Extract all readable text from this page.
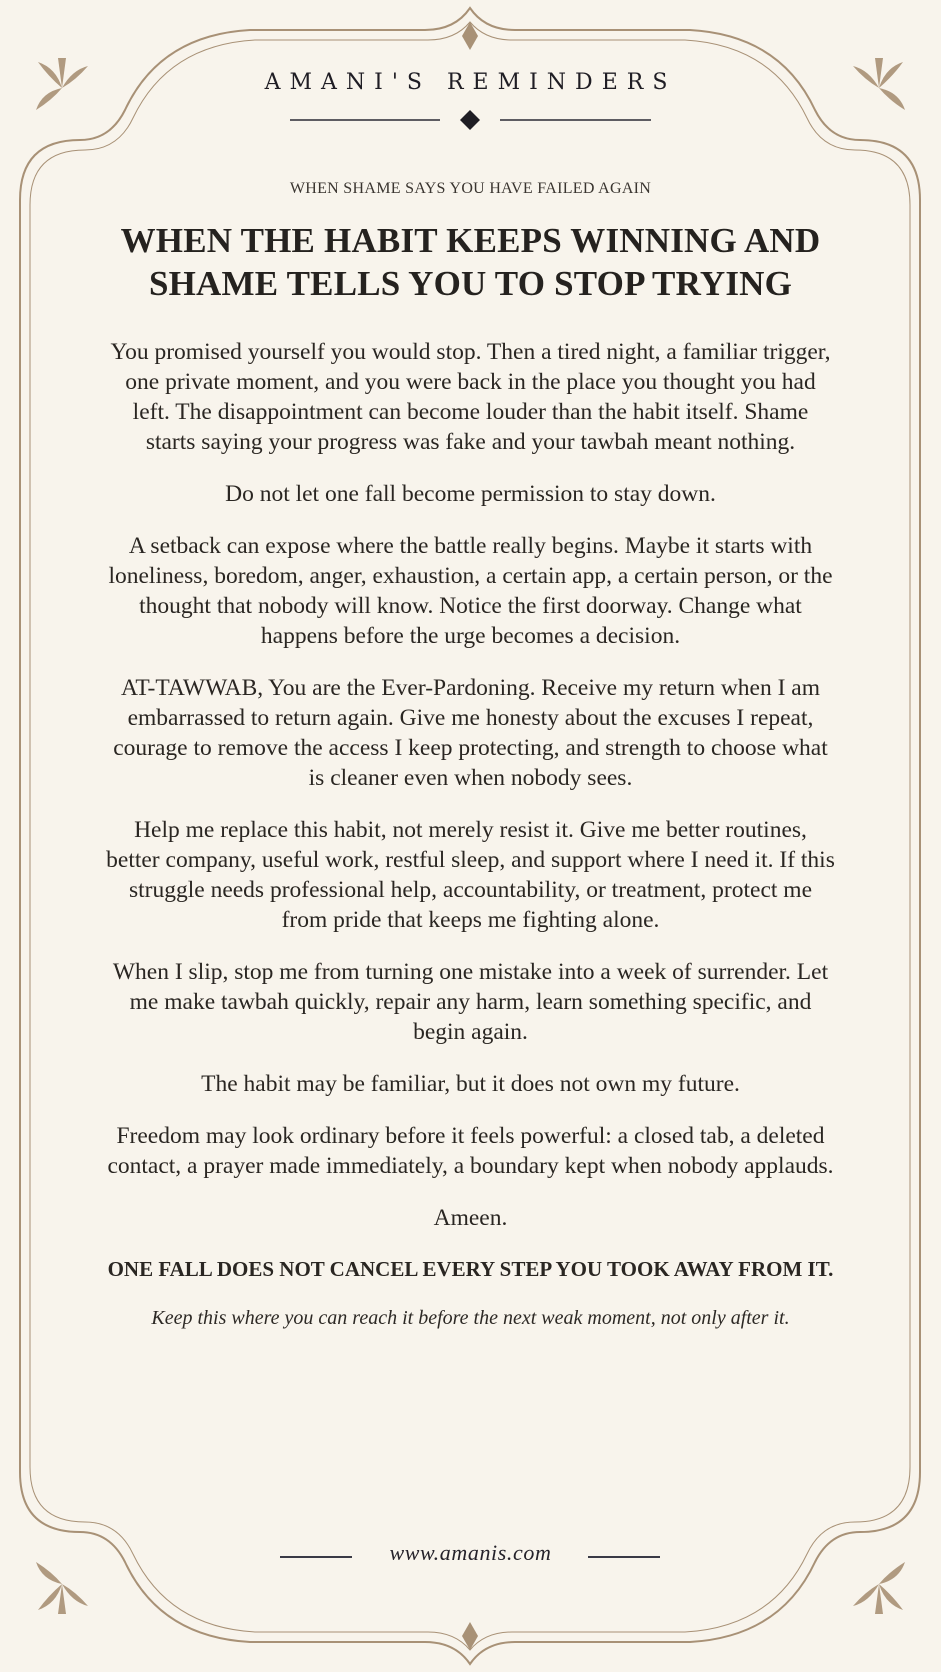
AMANI'S REMINDERS
WHEN SHAME SAYS YOU HAVE FAILED AGAIN
WHEN THE HABIT KEEPS WINNING AND SHAME TELLS YOU TO STOP TRYING

You promised yourself you would stop. Then a tired night, a familiar trigger, one private moment, and you were back in the place you thought you had left. The disappointment can become louder than the habit itself. Shame starts saying your progress was fake and your tawbah meant nothing.

Do not let one fall become permission to stay down.

A setback can expose where the battle really begins. Maybe it starts with loneliness, boredom, anger, exhaustion, a certain app, a certain person, or the thought that nobody will know. Notice the first doorway. Change what happens before the urge becomes a decision.

AT-TAWWAB, You are the Ever-Pardoning. Receive my return when I am embarrassed to return again. Give me honesty about the excuses I repeat, courage to remove the access I keep protecting, and strength to choose what is cleaner even when nobody sees.

Help me replace this habit, not merely resist it. Give me better routines, better company, useful work, restful sleep, and support where I need it. If this struggle needs professional help, accountability, or treatment, protect me from pride that keeps me fighting alone.

When I slip, stop me from turning one mistake into a week of surrender. Let me make tawbah quickly, repair any harm, learn something specific, and begin again.

The habit may be familiar, but it does not own my future.

Freedom may look ordinary before it feels powerful: a closed tab, a deleted contact, a prayer made immediately, a boundary kept when nobody applauds.

Ameen.

ONE FALL DOES NOT CANCEL EVERY STEP YOU TOOK AWAY FROM IT.

Keep this where you can reach it before the next weak moment, not only after it.

www.amanis.com
